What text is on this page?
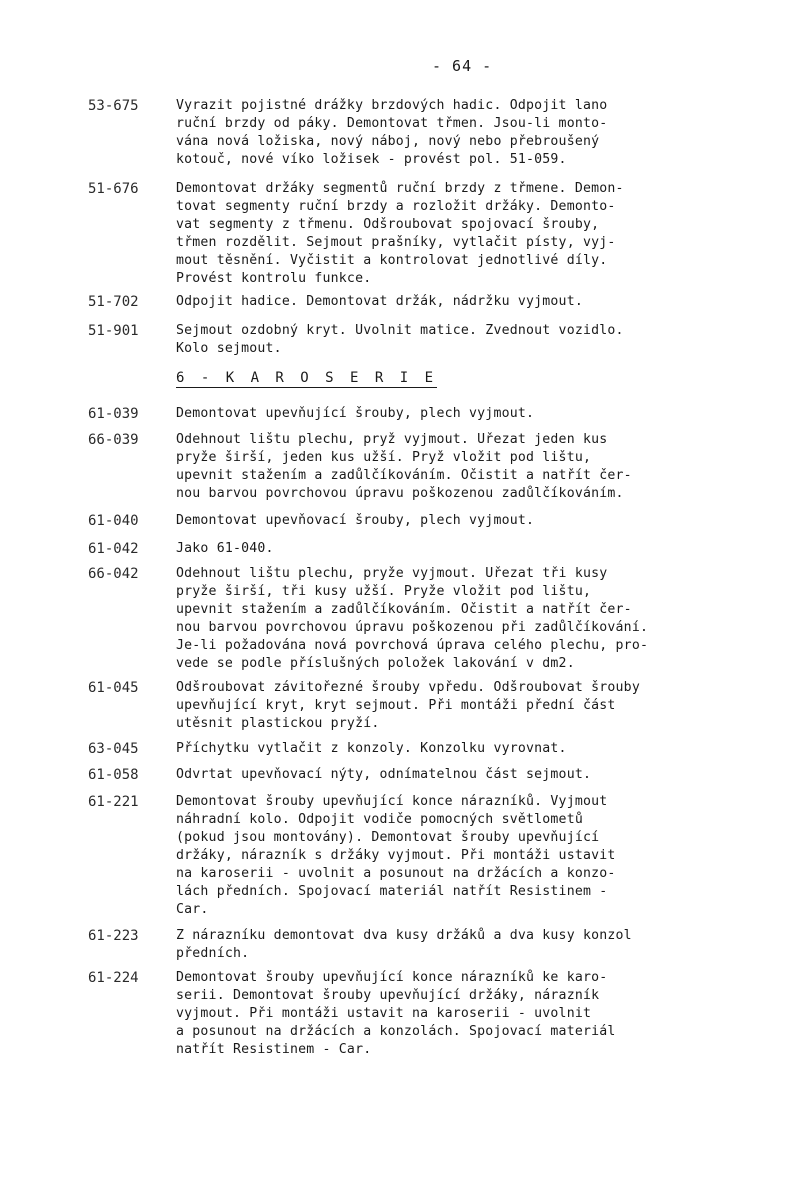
- 64 -
53-675	Vyrazit pojistné drážky brzdových hadic. Odpojit lano
ruční brzdy od páky. Demontovat třmen. Jsou-li monto-
vána nová ložiska, nový náboj, nový nebo přebroušený
kotouč, nové víko ložisek - provést pol. 51-059.
51-676	Demontovat držáky segmentů ruční brzdy z třmene. Demon-
tovat segmenty ruční brzdy a rozložit držáky. Demonto-
vat segmenty z třmenu. Odšroubovat spojovací šrouby,
třmen rozdělit. Sejmout prašníky, vytlačit písty, vyj-
mout těsnění. Vyčistit a kontrolovat jednotlivé díly.
Provést kontrolu funkce.
51-702	Odpojit hadice. Demontovat držák, nádržku vyjmout.
51-901	Sejmout ozdobný kryt. Uvolnit matice. Zvednout vozidlo.
Kolo sejmout.
6 - K A R O S E R I E
61-039	Demontovat upevňující šrouby, plech vyjmout.
66-039	Odehnout lištu plechu, pryž vyjmout. Uřezat jeden kus
pryže širší, jeden kus užší. Pryž vložit pod lištu,
upevnit stažením a zadůlčíkováním. Očistit a natřít čer-
nou barvou povrchovou úpravu poškozenou zadůlčíkováním.
61-040	Demontovat upevňovací šrouby, plech vyjmout.
61-042	Jako 61-040.
66-042	Odehnout lištu plechu, pryže vyjmout. Uřezat tři kusy
pryže širší, tři kusy užší. Pryže vložit pod lištu,
upevnit stažením a zadůlčíkováním. Očistit a natřít čer-
nou barvou povrchovou úpravu poškozenou při zadůlčíkování.
Je-li požadována nová povrchová úprava celého plechu, pro-
vede se podle příslušných položek lakování v dm2.
61-045	Odšroubovat závitořezné šrouby vpředu. Odšroubovat šrouby
upevňující kryt, kryt sejmout. Při montáži přední část
utěsnit plastickou pryží.
63-045	Příchytku vytlačit z konzoly. Konzolku vyrovnat.
61-058	Odvrtat upevňovací nýty, odnímatelnou část sejmout.
61-221	Demontovat šrouby upevňující konce nárazníků. Vyjmout
náhradní kolo. Odpojit vodiče pomocných světlometů
(pokud jsou montovány). Demontovat šrouby upevňující
držáky, nárazník s držáky vyjmout. Při montáži ustavit
na karoserii - uvolnit a posunout na držácích a konzo-
lách předních. Spojovací materiál natřít Resistinem -
Car.
61-223	Z nárazníku demontovat dva kusy držáků a dva kusy konzol
předních.
61-224	Demontovat šrouby upevňující konce nárazníků ke karo-
serii. Demontovat šrouby upevňující držáky, nárazník
vyjmout. Při montáži ustavit na karoserii - uvolnit
a posunout na držácích a konzolách. Spojovací materiál
natřít Resistinem - Car.
